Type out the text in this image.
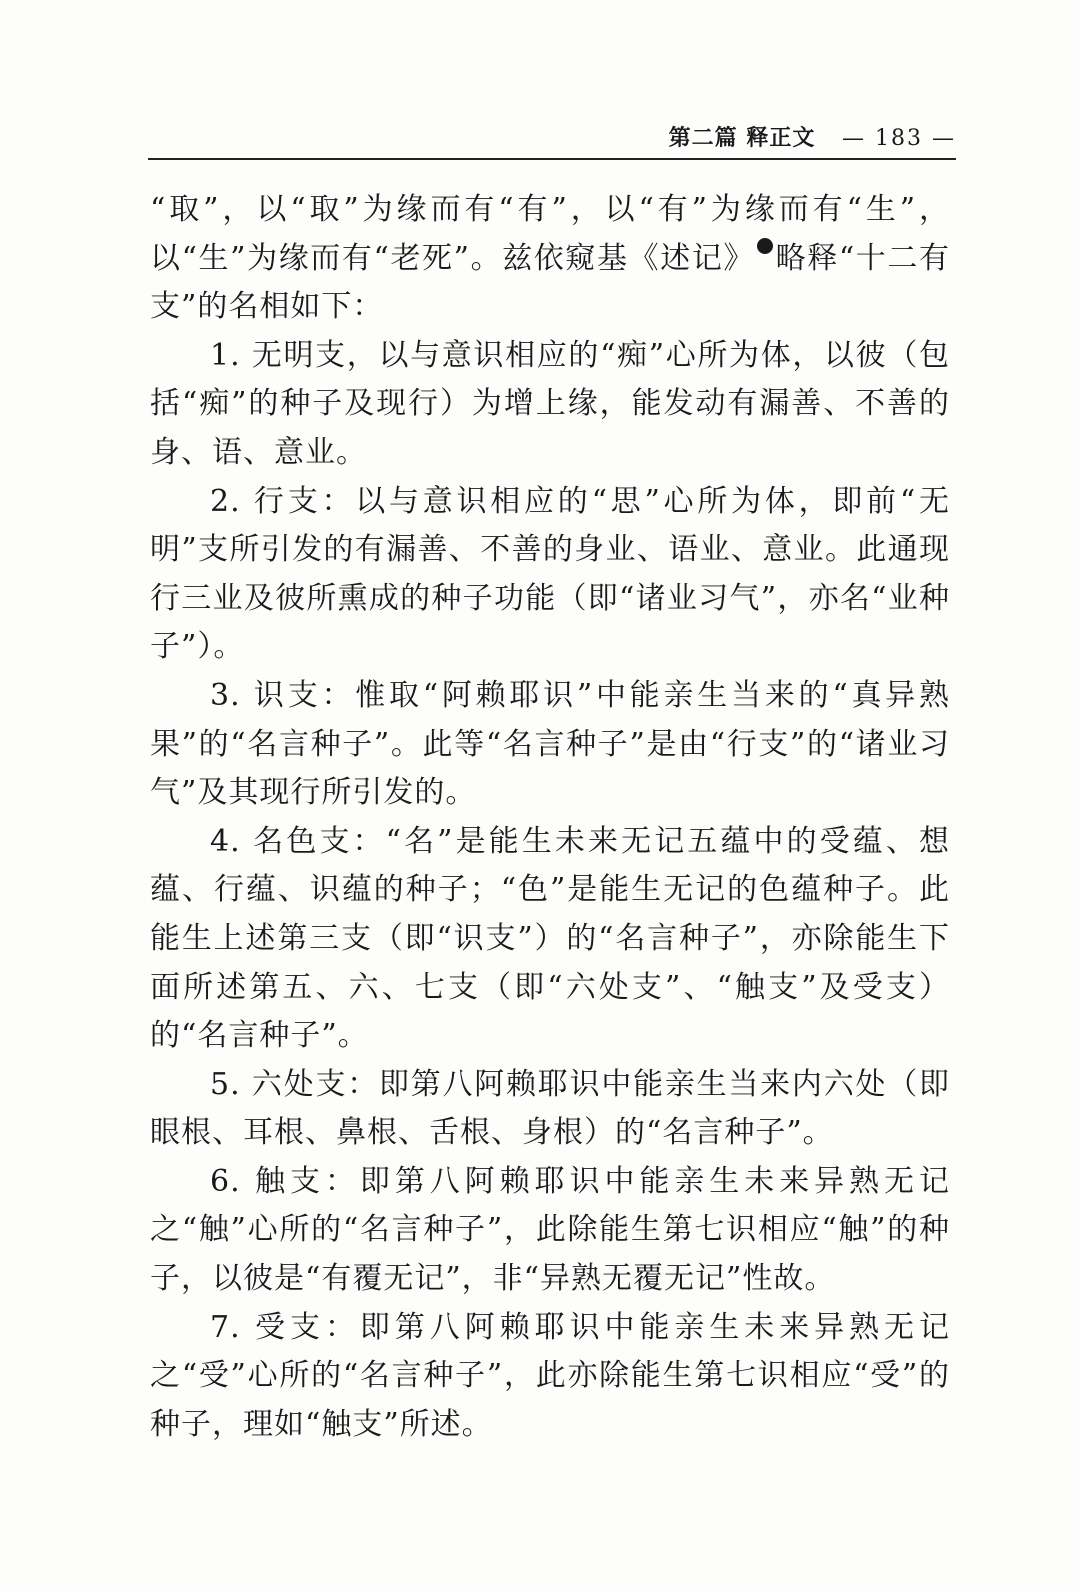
第二篇 释正文 — 183 —

“取”，以“取”为缘而有“有”，以“有”为缘而有“生”，以“生”为缘而有“老死”。兹依窥基《述记》 略释“十二有支”的名相如下：

1. 无明支，以与意识相应的“痴”心所为体，以彼（包括“痴”的种子及现行）为增上缘，能发动有漏善、不善的身、语、意业。

2. 行支：以与意识相应的“思”心所为体，即前“无明”支所引发的有漏善、不善的身业、语业、意业。此通现行三业及彼所熏成的种子功能（即“诸业习气”，亦名“业种子”）。

3. 识支：惟取“阿赖耶识”中能亲生当来的“真异熟果”的“名言种子”。此等“名言种子”是由“行支”的“诸业习气”及其现行所引发的。

4. 名色支：“名”是能生未来无记五蕴中的受蕴、想蕴、行蕴、识蕴的种子；“色”是能生无记的色蕴种子。此能生上述第三支（即“识支”）的“名言种子”，亦除能生下面所述第五、六、七支（即“六处支”、“触支”及受支）的“名言种子”。

5. 六处支：即第八阿赖耶识中能亲生当来内六处（即眼根、耳根、鼻根、舌根、身根）的“名言种子”。

6. 触支：即第八阿赖耶识中能亲生未来异熟无记之“触”心所的“名言种子”，此除能生第七识相应“触”的种子，以彼是“有覆无记”，非“异熟无覆无记”性故。

7. 受支：即第八阿赖耶识中能亲生未来异熟无记之“受”心所的“名言种子”，此亦除能生第七识相应“受”的种子，理如“触支”所述。
